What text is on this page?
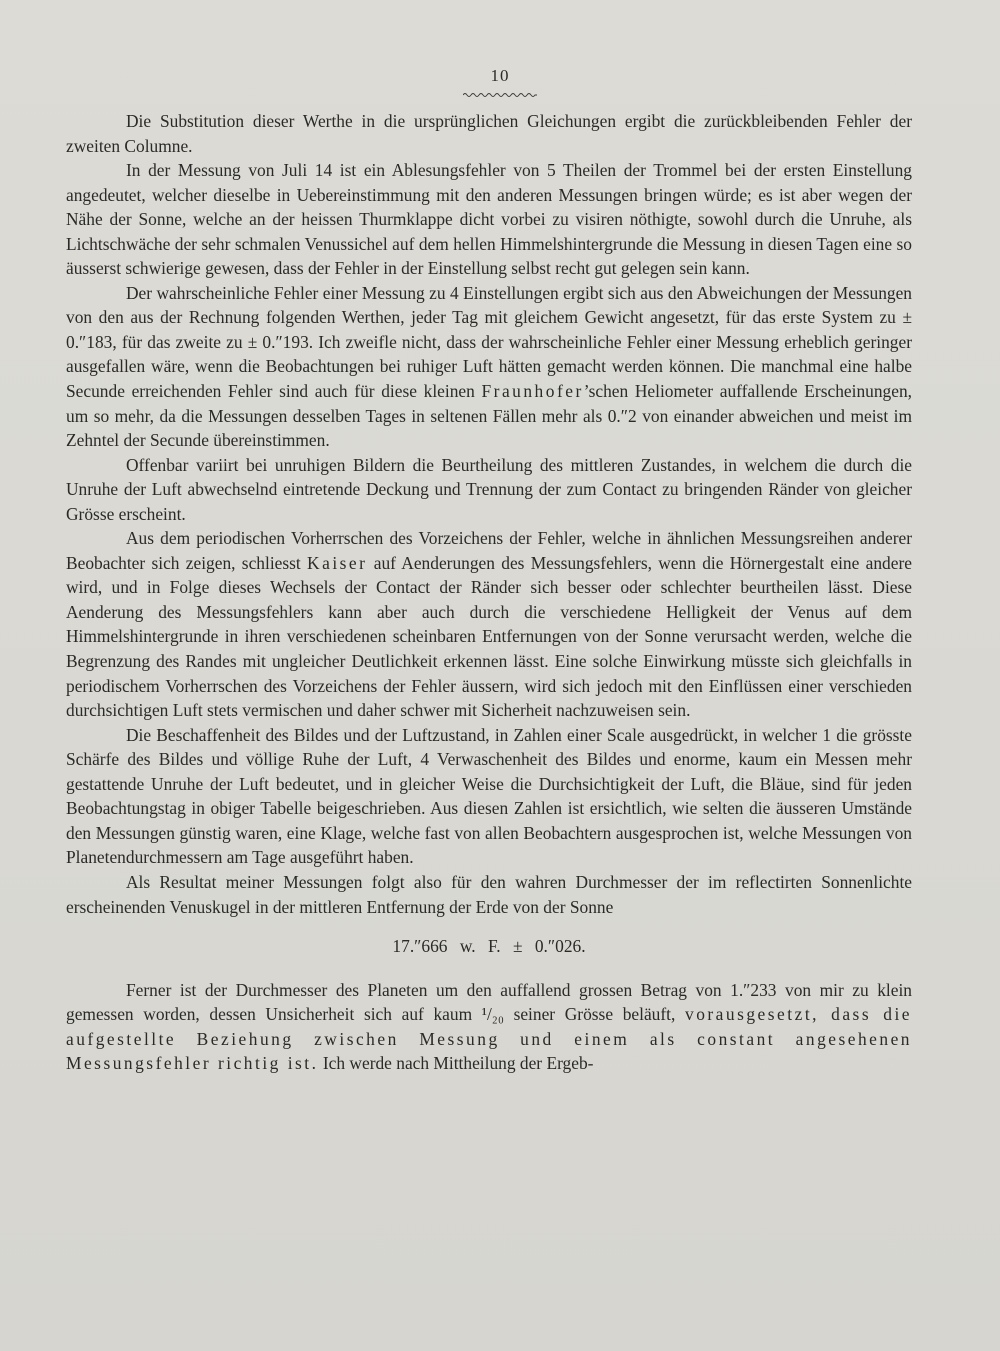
10

Die Substitution dieser Werthe in die ursprünglichen Gleichungen ergibt die zurückbleibenden Fehler der zweiten Columne.

In der Messung von Juli 14 ist ein Ablesungsfehler von 5 Theilen der Trommel bei der ersten Einstellung angedeutet, welcher dieselbe in Uebereinstimmung mit den anderen Messungen bringen würde; es ist aber wegen der Nähe der Sonne, welche an der heissen Thurmklappe dicht vorbei zu visiren nöthigte, sowohl durch die Unruhe, als Lichtschwäche der sehr schmalen Venussichel auf dem hellen Himmelshintergrunde die Messung in diesen Tagen eine so äusserst schwierige gewesen, dass der Fehler in der Einstellung selbst recht gut gelegen sein kann.

Der wahrscheinliche Fehler einer Messung zu 4 Einstellungen ergibt sich aus den Abweichungen der Messungen von den aus der Rechnung folgenden Werthen, jeder Tag mit gleichem Gewicht angesetzt, für das erste System zu ± 0.″183, für das zweite zu ± 0.″193. Ich zweifle nicht, dass der wahrscheinliche Fehler einer Messung erheblich geringer ausgefallen wäre, wenn die Beobachtungen bei ruhiger Luft hätten gemacht werden können. Die manchmal eine halbe Secunde erreichenden Fehler sind auch für diese kleinen Fraunhofer’schen Heliometer auffallende Erscheinungen, um so mehr, da die Messungen desselben Tages in seltenen Fällen mehr als 0.″2 von einander abweichen und meist im Zehntel der Secunde übereinstimmen.

Offenbar variirt bei unruhigen Bildern die Beurtheilung des mittleren Zustandes, in welchem die durch die Unruhe der Luft abwechselnd eintretende Deckung und Trennung der zum Contact zu bringenden Ränder von gleicher Grösse erscheint.

Aus dem periodischen Vorherrschen des Vorzeichens der Fehler, welche in ähnlichen Messungsreihen anderer Beobachter sich zeigen, schliesst Kaiser auf Aenderungen des Messungsfehlers, wenn die Hörnergestalt eine andere wird, und in Folge dieses Wechsels der Contact der Ränder sich besser oder schlechter beurtheilen lässt. Diese Aenderung des Messungsfehlers kann aber auch durch die verschiedene Helligkeit der Venus auf dem Himmelshintergrunde in ihren verschiedenen scheinbaren Entfernungen von der Sonne verursacht werden, welche die Begrenzung des Randes mit ungleicher Deutlichkeit erkennen lässt. Eine solche Einwirkung müsste sich gleichfalls in periodischem Vorherrschen des Vorzeichens der Fehler äussern, wird sich jedoch mit den Einflüssen einer verschieden durchsichtigen Luft stets vermischen und daher schwer mit Sicherheit nachzuweisen sein.

Die Beschaffenheit des Bildes und der Luftzustand, in Zahlen einer Scale ausgedrückt, in welcher 1 die grösste Schärfe des Bildes und völlige Ruhe der Luft, 4 Verwaschenheit des Bildes und enorme, kaum ein Messen mehr gestattende Unruhe der Luft bedeutet, und in gleicher Weise die Durchsichtigkeit der Luft, die Bläue, sind für jeden Beobachtungstag in obiger Tabelle beigeschrieben. Aus diesen Zahlen ist ersichtlich, wie selten die äusseren Umstände den Messungen günstig waren, eine Klage, welche fast von allen Beobachtern ausgesprochen ist, welche Messungen von Planetendurchmessern am Tage ausgeführt haben.

Als Resultat meiner Messungen folgt also für den wahren Durchmesser der im reflectirten Sonnenlichte erscheinenden Venuskugel in der mittleren Entfernung der Erde von der Sonne

17.″666 w. F. ± 0.″026.

Ferner ist der Durchmesser des Planeten um den auffallend grossen Betrag von 1.″233 von mir zu klein gemessen worden, dessen Unsicherheit sich auf kaum ¹/₂₀ seiner Grösse beläuft, vorausgesetzt, dass die aufgestellte Beziehung zwischen Messung und einem als constant angesehenen Messungsfehler richtig ist. Ich werde nach Mittheilung der Ergeb-
